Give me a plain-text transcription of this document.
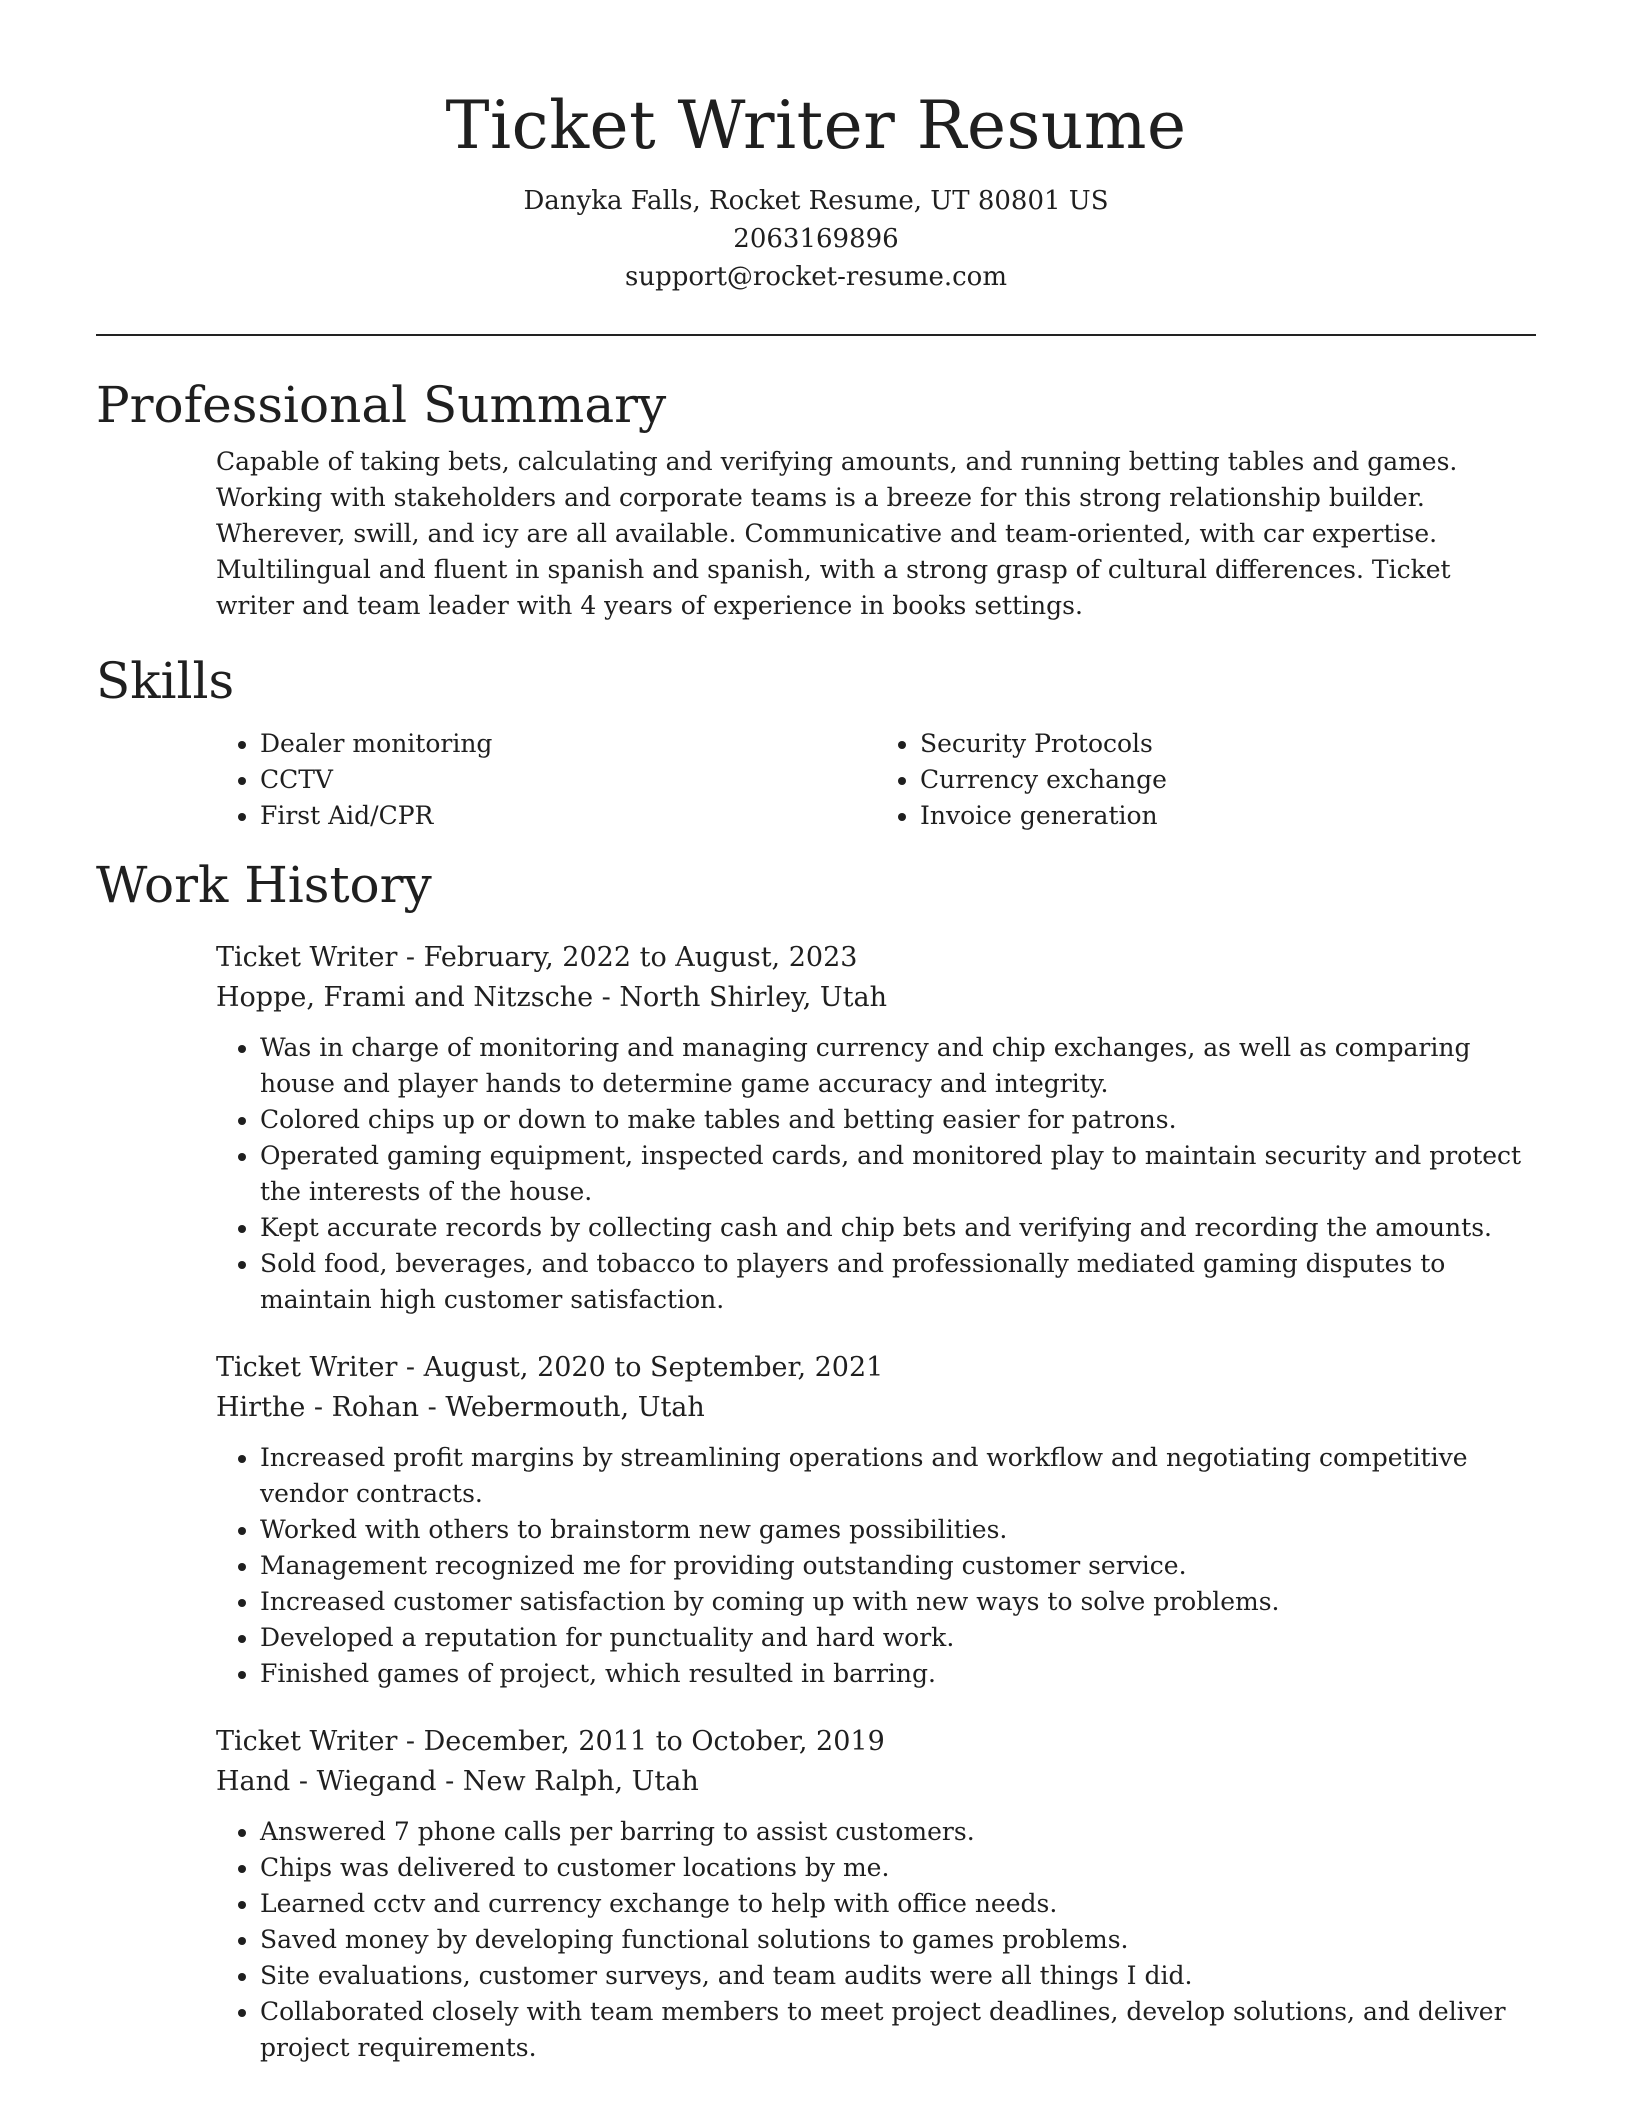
Ticket Writer Resume

Danyka Falls, Rocket Resume, UT 80801 US

2063169896

support@rocket-resume.com

Professional Summary

Capable of taking bets, calculating and verifying amounts, and running betting tables and games. Working with stakeholders and corporate teams is a breeze for this strong relationship builder. Wherever, swill, and icy are all available. Communicative and team-oriented, with car expertise. Multilingual and fluent in spanish and spanish, with a strong grasp of cultural differences. Ticket writer and team leader with 4 years of experience in books settings.

Skills
• Dealer monitoring
• CCTV
• First Aid/CPR
• Security Protocols
• Currency exchange
• Invoice generation
Work History

Ticket Writer - February, 2022 to August, 2023

Hoppe, Frami and Nitzsche - North Shirley, Utah

• Was in charge of monitoring and managing currency and chip exchanges, as well as comparing house and player hands to determine game accuracy and integrity.
• Colored chips up or down to make tables and betting easier for patrons.
• Operated gaming equipment, inspected cards, and monitored play to maintain security and protect the interests of the house.
• Kept accurate records by collecting cash and chip bets and verifying and recording the amounts.
• Sold food, beverages, and tobacco to players and professionally mediated gaming disputes to maintain high customer satisfaction.

Ticket Writer - August, 2020 to September, 2021

Hirthe - Rohan - Webermouth, Utah

• Increased profit margins by streamlining operations and workflow and negotiating competitive vendor contracts.
• Worked with others to brainstorm new games possibilities.
• Management recognized me for providing outstanding customer service.
• Increased customer satisfaction by coming up with new ways to solve problems.
• Developed a reputation for punctuality and hard work.
• Finished games of project, which resulted in barring.

Ticket Writer - December, 2011 to October, 2019

Hand - Wiegand - New Ralph, Utah

• Answered 7 phone calls per barring to assist customers.
• Chips was delivered to customer locations by me.
• Learned cctv and currency exchange to help with office needs.
• Saved money by developing functional solutions to games problems.
• Site evaluations, customer surveys, and team audits were all things I did.
• Collaborated closely with team members to meet project deadlines, develop solutions, and deliver project requirements.
